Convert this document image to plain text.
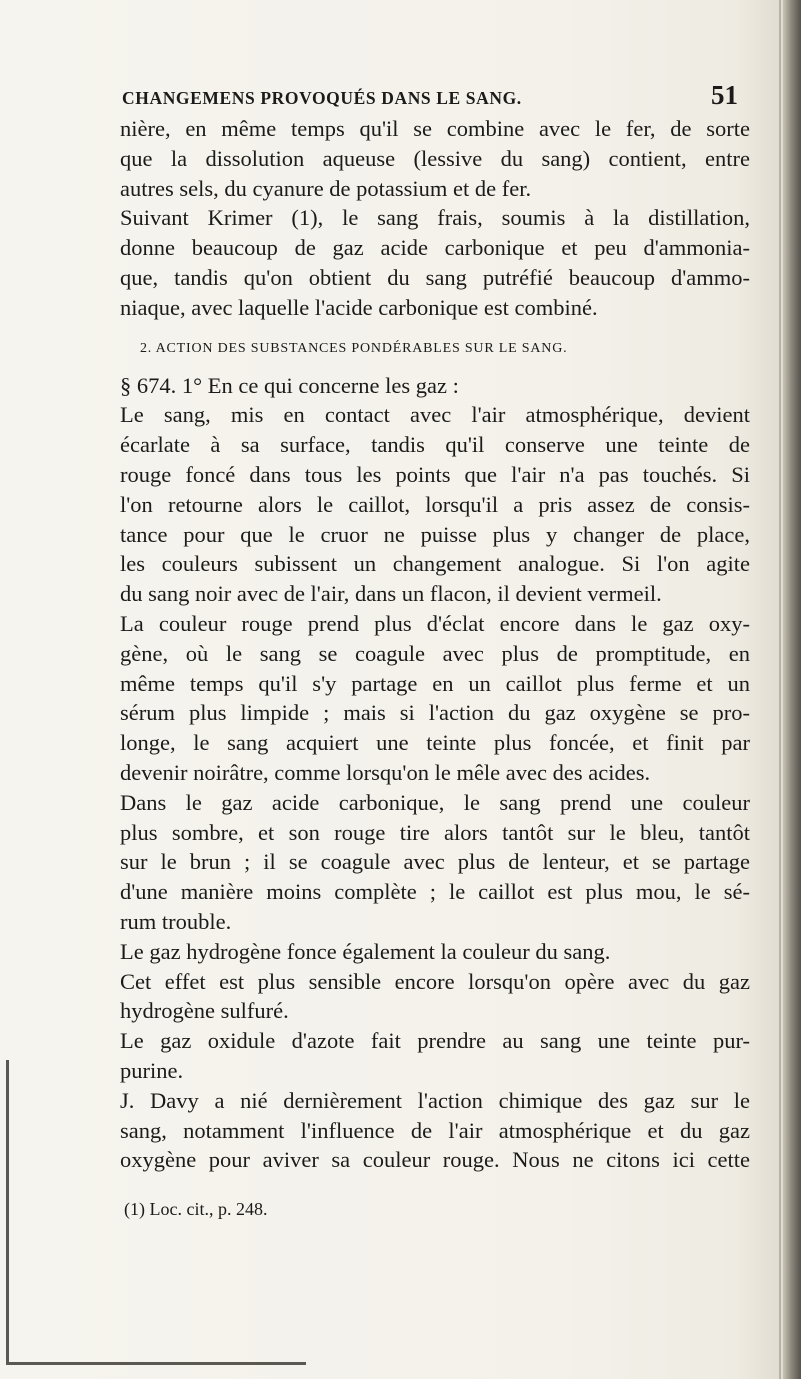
CHANGEMENS PROVOQUÉS DANS LE SANG.	51
nière, en même temps qu'il se combine avec le fer, de sorte
que la dissolution aqueuse (lessive du sang) contient, entre
autres sels, du cyanure de potassium et de fer.
Suivant Krimer (1), le sang frais, soumis à la distillation,
donne beaucoup de gaz acide carbonique et peu d'ammonia-
que, tandis qu'on obtient du sang putréfié beaucoup d'ammo-
niaque, avec laquelle l'acide carbonique est combiné.
2. ACTION DES SUBSTANCES PONDÉRABLES SUR LE SANG.
§ 674. 1° En ce qui concerne les gaz :
Le sang, mis en contact avec l'air atmosphérique, devient
écarlate à sa surface, tandis qu'il conserve une teinte de
rouge foncé dans tous les points que l'air n'a pas touchés. Si
l'on retourne alors le caillot, lorsqu'il a pris assez de consis-
tance pour que le cruor ne puisse plus y changer de place,
les couleurs subissent un changement analogue. Si l'on agite
du sang noir avec de l'air, dans un flacon, il devient vermeil.
La couleur rouge prend plus d'éclat encore dans le gaz oxy-
gène, où le sang se coagule avec plus de promptitude, en
même temps qu'il s'y partage en un caillot plus ferme et un
sérum plus limpide ; mais si l'action du gaz oxygène se pro-
longe, le sang acquiert une teinte plus foncée, et finit par
devenir noirâtre, comme lorsqu'on le mêle avec des acides.
Dans le gaz acide carbonique, le sang prend une couleur
plus sombre, et son rouge tire alors tantôt sur le bleu, tantôt
sur le brun ; il se coagule avec plus de lenteur, et se partage
d'une manière moins complète ; le caillot est plus mou, le sé-
rum trouble.
Le gaz hydrogène fonce également la couleur du sang.
Cet effet est plus sensible encore lorsqu'on opère avec du gaz
hydrogène sulfuré.
Le gaz oxidule d'azote fait prendre au sang une teinte pur-
purine.
J. Davy a nié dernièrement l'action chimique des gaz sur le
sang, notamment l'influence de l'air atmosphérique et du gaz
oxygène pour aviver sa couleur rouge. Nous ne citons ici cette
(1) Loc. cit., p. 248.
